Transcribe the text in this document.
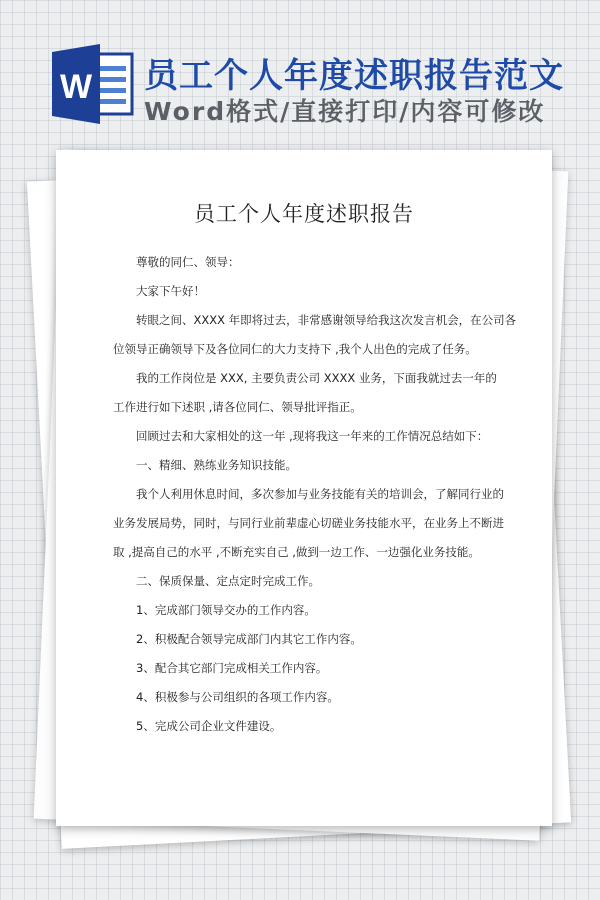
W 员工个人年度述职报告范文
Word格式/直接打印/内容可修改
员工个人年度述职报告

尊敬的同仁、领导：

大家下午好！

转眼之间、XXXX 年即将过去，非常感谢领导给我这次发言机会，在公司各

位领导正确领导下及各位同仁的大力支持下 ,我个人出色的完成了任务。

我的工作岗位是 XXX, 主要负责公司 XXXX 业务，下面我就过去一年的

工作进行如下述职 ,请各位同仁、领导批评指正。

回顾过去和大家相处的这一年 ,现将我这一年来的工作情况总结如下：

一、精细、熟练业务知识技能。

我个人利用休息时间，多次参加与业务技能有关的培训会，了解同行业的

业务发展局势，同时，与同行业前辈虚心切磋业务技能水平，在业务上不断进

取 ,提高自己的水平 ,不断充实自己 ,做到一边工作、一边强化业务技能。

二、保质保量、定点定时完成工作。

1、完成部门领导交办的工作内容。

2、积极配合领导完成部门内其它工作内容。

3、配合其它部门完成相关工作内容。

4、积极参与公司组织的各项工作内容。

5、完成公司企业文件建设。
